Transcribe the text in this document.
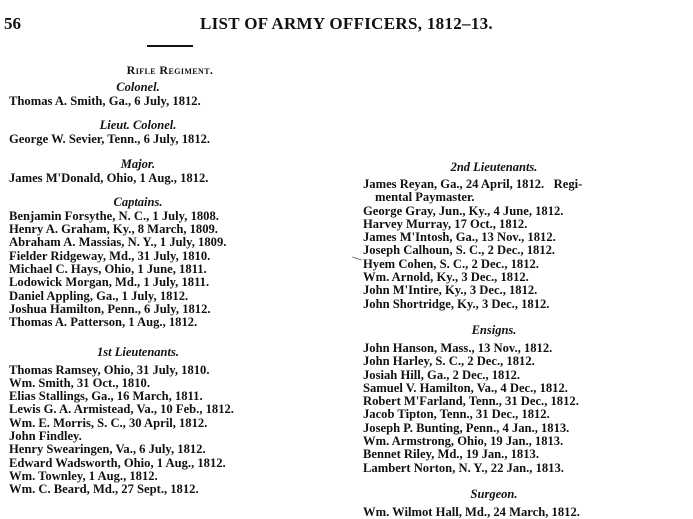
56	LIST OF ARMY OFFICERS, 1812–13.
Rifle Regiment.
Colonel.
Thomas A. Smith, Ga., 6 July, 1812.
Lieut. Colonel.
George W. Sevier, Tenn., 6 July, 1812.
Major.
James M'Donald, Ohio, 1 Aug., 1812.
Captains.
Benjamin Forsythe, N. C., 1 July, 1808.
Henry A. Graham, Ky., 8 March, 1809.
Abraham A. Massias, N. Y., 1 July, 1809.
Fielder Ridgeway, Md., 31 July, 1810.
Michael C. Hays, Ohio, 1 June, 1811.
Lodowick Morgan, Md., 1 July, 1811.
Daniel Appling, Ga., 1 July, 1812.
Joshua Hamilton, Penn., 6 July, 1812.
Thomas A. Patterson, 1 Aug., 1812.
1st Lieutenants.
Thomas Ramsey, Ohio, 31 July, 1810.
Wm. Smith, 31 Oct., 1810.
Elias Stallings, Ga., 16 March, 1811.
Lewis G. A. Armistead, Va., 10 Feb., 1812.
Wm. E. Morris, S. C., 30 April, 1812.
John Findley.
Henry Swearingen, Va., 6 July, 1812.
Edward Wadsworth, Ohio, 1 Aug., 1812.
Wm. Townley, 1 Aug., 1812.
Wm. C. Beard, Md., 27 Sept., 1812.
2nd Lieutenants.
James Reyan, Ga., 24 April, 1812.   Regi-
mental Paymaster.
George Gray, Jun., Ky., 4 June, 1812.
Harvey Murray, 17 Oct., 1812.
James M'Intosh, Ga., 13 Nov., 1812.
Joseph Calhoun, S. C., 2 Dec., 1812.
Hyem Cohen, S. C., 2 Dec., 1812.
Wm. Arnold, Ky., 3 Dec., 1812.
John M'Intire, Ky., 3 Dec., 1812.
John Shortridge, Ky., 3 Dec., 1812.
Ensigns.
John Hanson, Mass., 13 Nov., 1812.
John Harley, S. C., 2 Dec., 1812.
Josiah Hill, Ga., 2 Dec., 1812.
Samuel V. Hamilton, Va., 4 Dec., 1812.
Robert M'Farland, Tenn., 31 Dec., 1812.
Jacob Tipton, Tenn., 31 Dec., 1812.
Joseph P. Bunting, Penn., 4 Jan., 1813.
Wm. Armstrong, Ohio, 19 Jan., 1813.
Bennet Riley, Md., 19 Jan., 1813.
Lambert Norton, N. Y., 22 Jan., 1813.
Surgeon.
Wm. Wilmot Hall, Md., 24 March, 1812.
